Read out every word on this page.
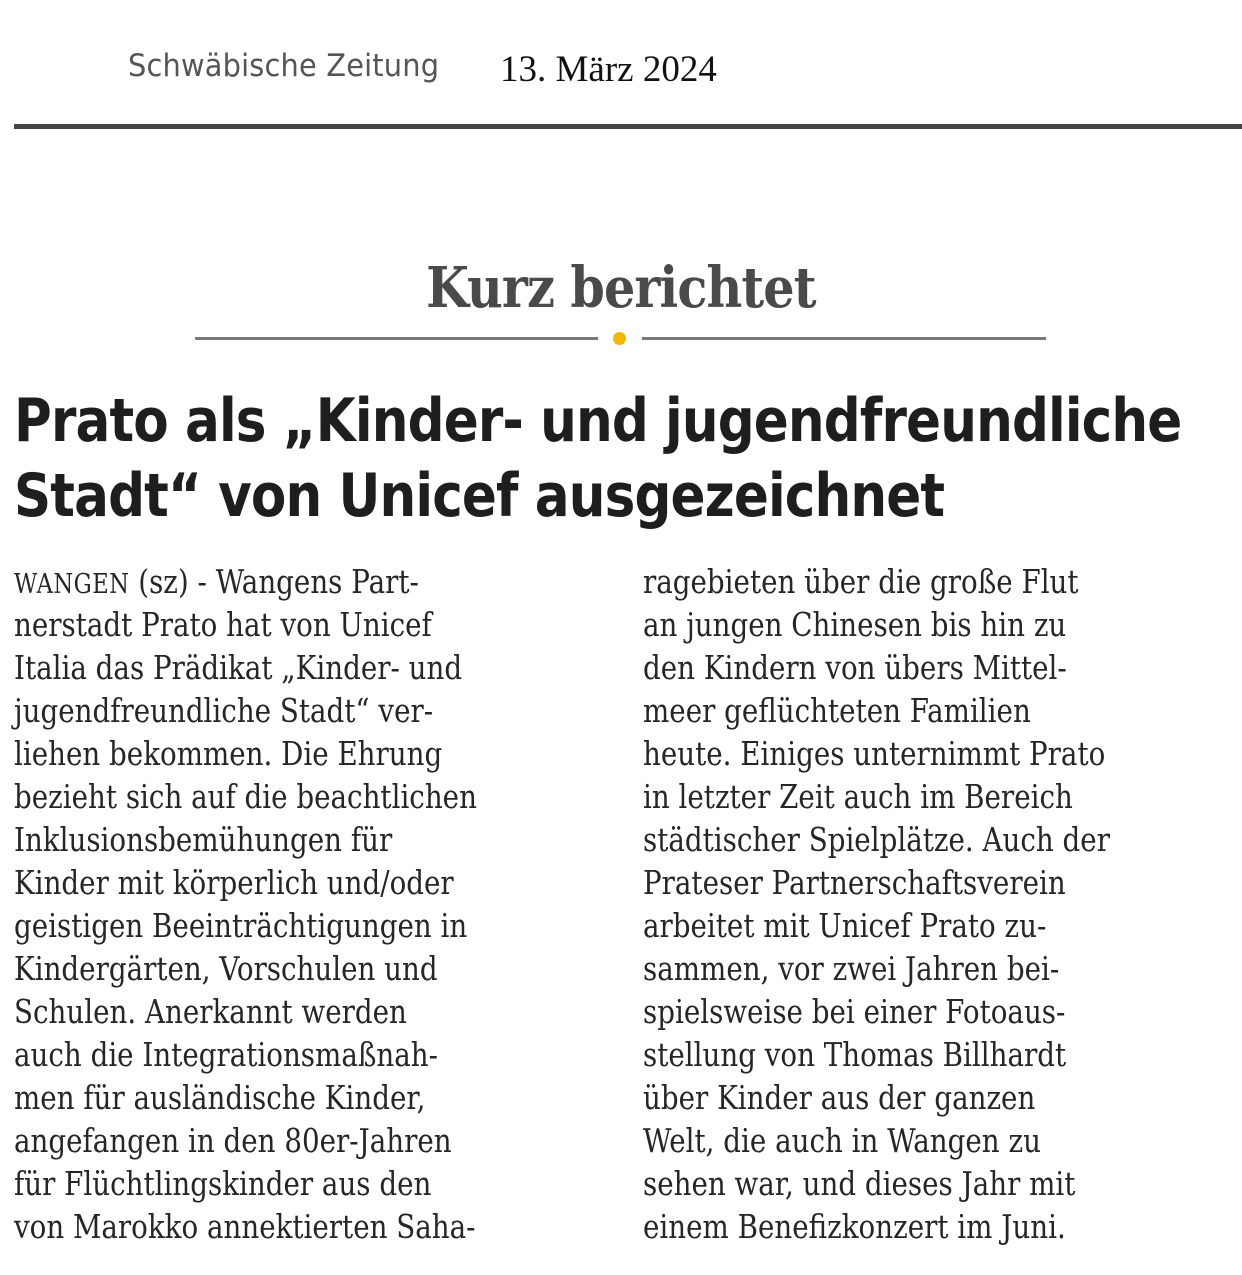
Schwäbische Zeitung 13. März 2024
Kurz berichtet
Prato als „Kinder- und jugendfreundliche
Stadt“ von Unicef ausgezeichnet
WANGEN (sz) - Wangens Part-
nerstadt Prato hat von Unicef
Italia das Prädikat „Kinder- und
jugendfreundliche Stadt“ ver-
liehen bekommen. Die Ehrung
bezieht sich auf die beachtlichen
Inklusionsbemühungen für
Kinder mit körperlich und/oder
geistigen Beeinträchtigungen in
Kindergärten, Vorschulen und
Schulen. Anerkannt werden
auch die Integrationsmaßnah-
men für ausländische Kinder,
angefangen in den 80er-Jahren
für Flüchtlingskinder aus den
von Marokko annektierten Saha-
ragebieten über die große Flut
an jungen Chinesen bis hin zu
den Kindern von übers Mittel-
meer geflüchteten Familien
heute. Einiges unternimmt Prato
in letzter Zeit auch im Bereich
städtischer Spielplätze. Auch der
Prateser Partnerschaftsverein
arbeitet mit Unicef Prato zu-
sammen, vor zwei Jahren bei-
spielsweise bei einer Fotoaus-
stellung von Thomas Billhardt
über Kinder aus der ganzen
Welt, die auch in Wangen zu
sehen war, und dieses Jahr mit
einem Benefizkonzert im Juni.
